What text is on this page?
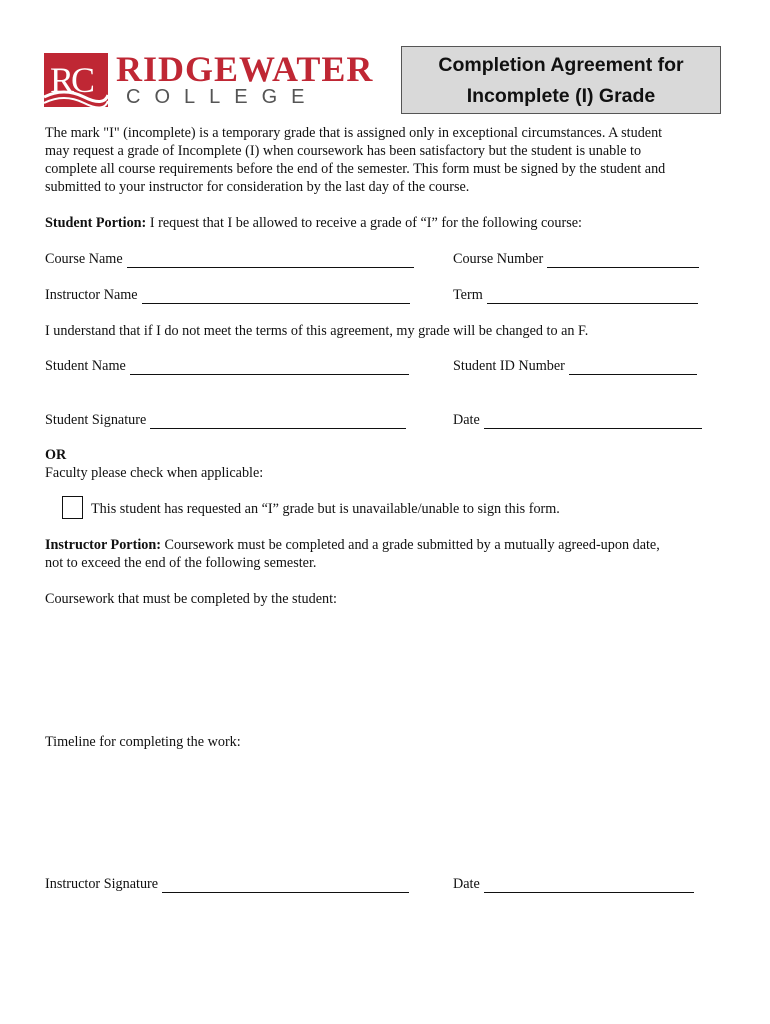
RC RIDGEWATER
COLLEGE
Completion Agreement for
Incomplete (I) Grade
The mark "I" (incomplete) is a temporary grade that is assigned only in exceptional circumstances. A student
may request a grade of Incomplete (I) when coursework has been satisfactory but the student is unable to
complete all course requirements before the end of the semester. This form must be signed by the student and
submitted to your instructor for consideration by the last day of the course.
Student Portion: I request that I be allowed to receive a grade of “I” for the following course:
Course Name	Course Number
Instructor Name	Term
I understand that if I do not meet the terms of this agreement, my grade will be changed to an F.
Student Name	Student ID Number
Student Signature	Date
OR
Faculty please check when applicable:
This student has requested an “I” grade but is unavailable/unable to sign this form.
Instructor Portion: Coursework must be completed and a grade submitted by a mutually agreed-upon date,
not to exceed the end of the following semester.
Coursework that must be completed by the student:
Timeline for completing the work:
Instructor Signature	Date
